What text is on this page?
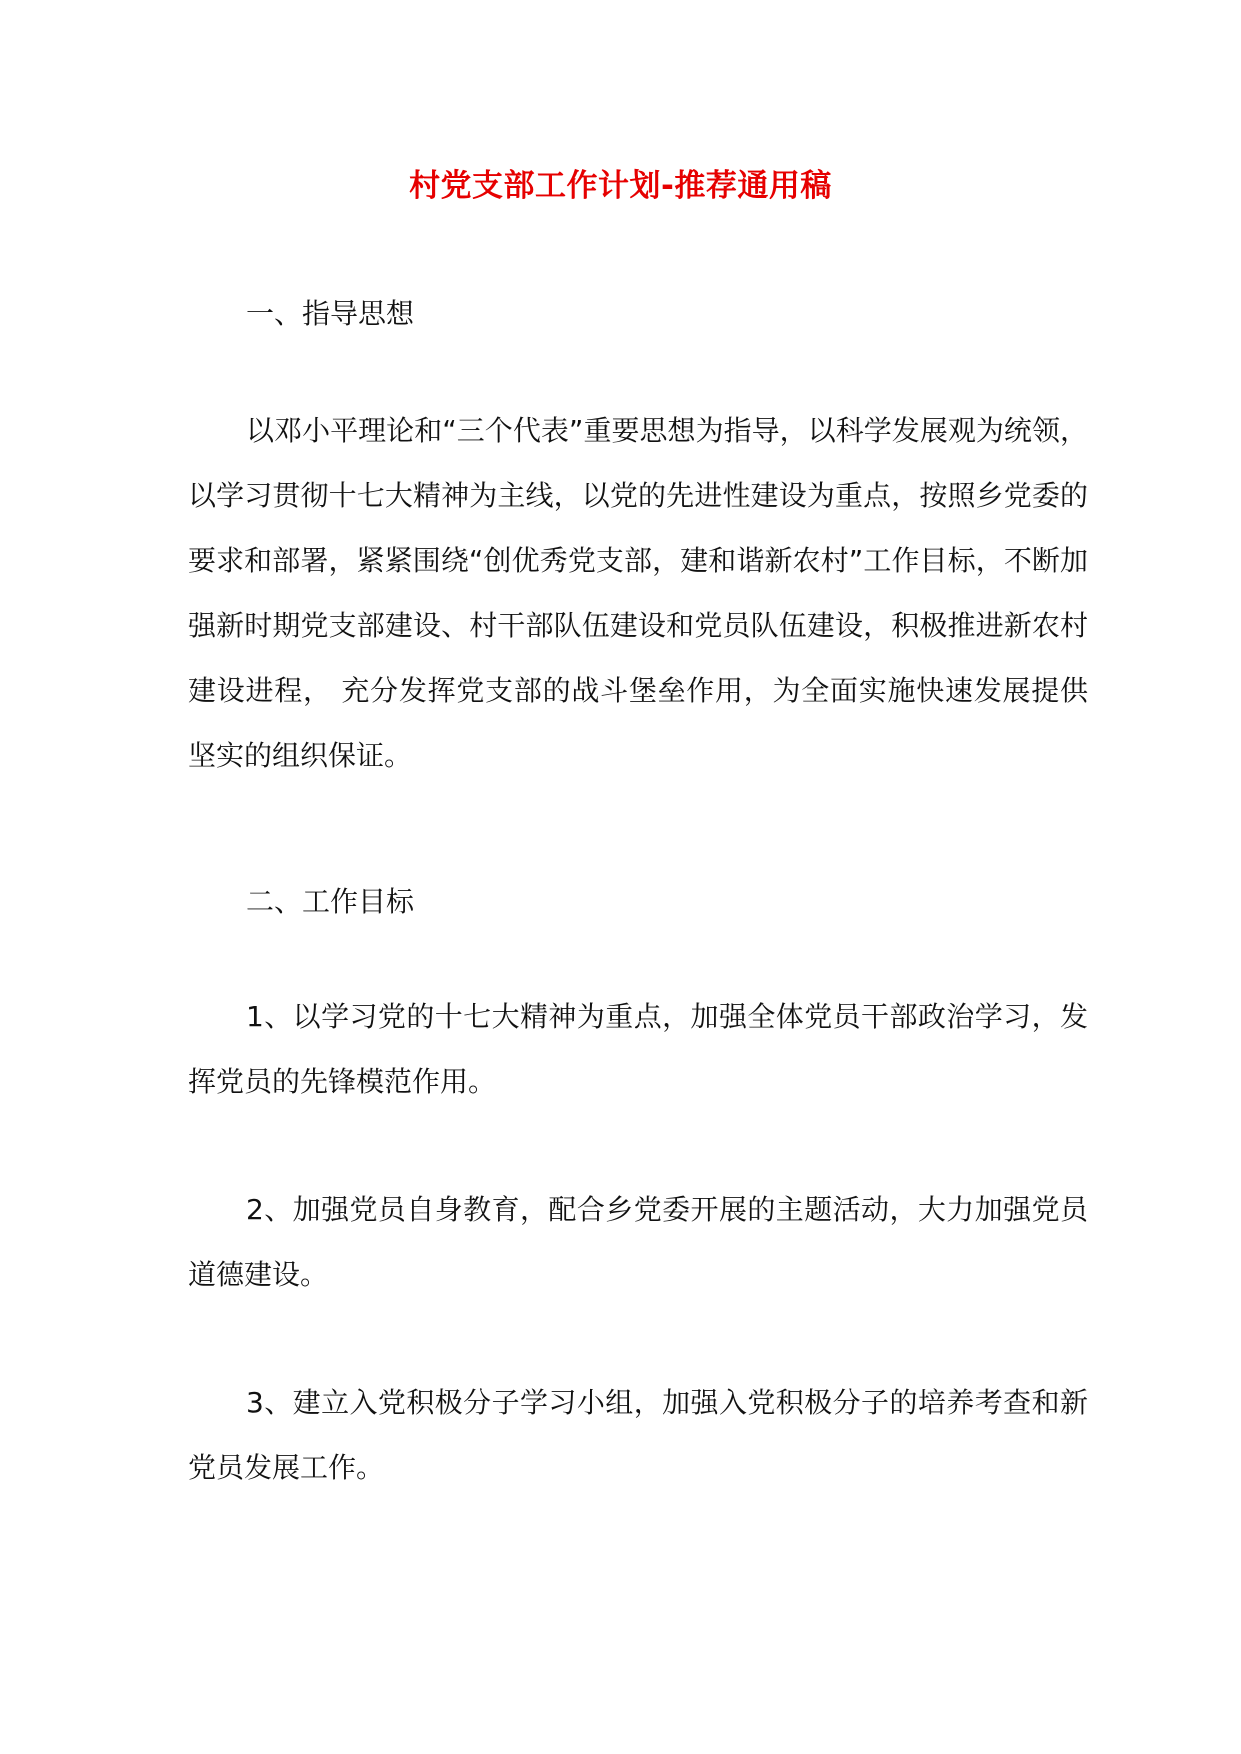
村党支部工作计划-推荐通用稿

一、指导思想

以邓小平理论和“三个代表”重要思想为指导，以科学发展观为统领，以学习贯彻十七大精神为主线，以党的先进性建设为重点，按照乡党委的要求和部署，紧紧围绕“创优秀党支部，建和谐新农村”工作目标，不断加强新时期党支部建设、村干部队伍建设和党员队伍建设，积极推进新农村建设进程， 充分发挥党支部的战斗堡垒作用，为全面实施快速发展提供坚实的组织保证。

二、工作目标

1、以学习党的十七大精神为重点，加强全体党员干部政治学习，发挥党员的先锋模范作用。

2、加强党员自身教育，配合乡党委开展的主题活动，大力加强党员道德建设。

3、建立入党积极分子学习小组，加强入党积极分子的培养考查和新党员发展工作。
